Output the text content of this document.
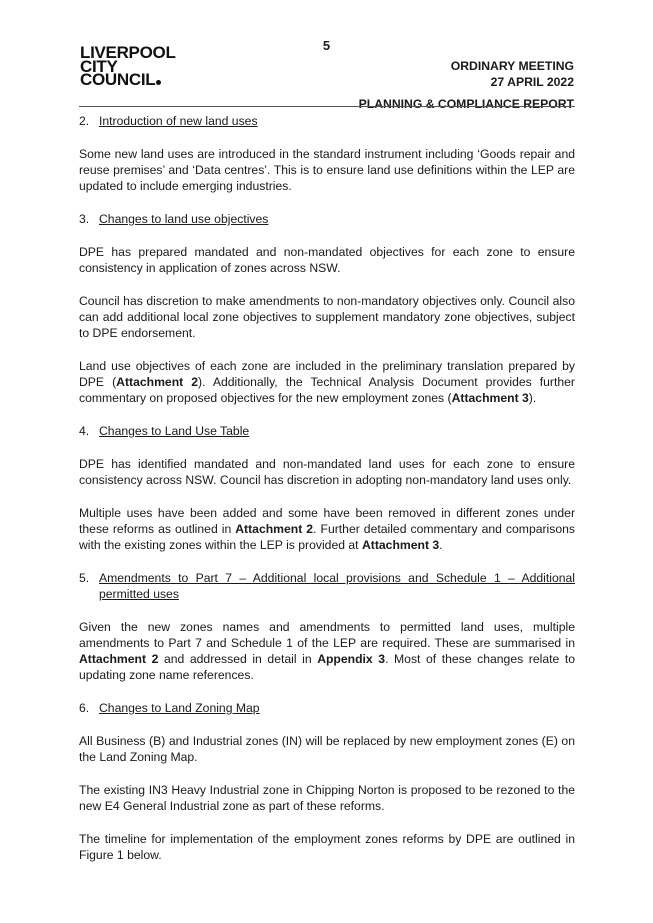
5
LIVERPOOL
CITY
COUNCIL
ORDINARY MEETING
27 APRIL 2022
PLANNING & COMPLIANCE REPORT
2. Introduction of new land uses

Some new land uses are introduced in the standard instrument including ‘Goods repair and reuse premises’ and ‘Data centres’. This is to ensure land use definitions within the LEP are updated to include emerging industries.

3. Changes to land use objectives

DPE has prepared mandated and non-mandated objectives for each zone to ensure consistency in application of zones across NSW.

Council has discretion to make amendments to non-mandatory objectives only. Council also can add additional local zone objectives to supplement mandatory zone objectives, subject to DPE endorsement.

Land use objectives of each zone are included in the preliminary translation prepared by DPE (Attachment 2). Additionally, the Technical Analysis Document provides further commentary on proposed objectives for the new employment zones (Attachment 3).

4. Changes to Land Use Table

DPE has identified mandated and non-mandated land uses for each zone to ensure consistency across NSW. Council has discretion in adopting non-mandatory land uses only.

Multiple uses have been added and some have been removed in different zones under these reforms as outlined in Attachment 2. Further detailed commentary and comparisons with the existing zones within the LEP is provided at Attachment 3.

5. Amendments to Part 7 – Additional local provisions and Schedule 1 – Additional permitted uses

Given the new zones names and amendments to permitted land uses, multiple amendments to Part 7 and Schedule 1 of the LEP are required. These are summarised in Attachment 2 and addressed in detail in Appendix 3. Most of these changes relate to updating zone name references.

6. Changes to Land Zoning Map

All Business (B) and Industrial zones (IN) will be replaced by new employment zones (E) on the Land Zoning Map.

The existing IN3 Heavy Industrial zone in Chipping Norton is proposed to be rezoned to the new E4 General Industrial zone as part of these reforms.

The timeline for implementation of the employment zones reforms by DPE are outlined in Figure 1 below.
